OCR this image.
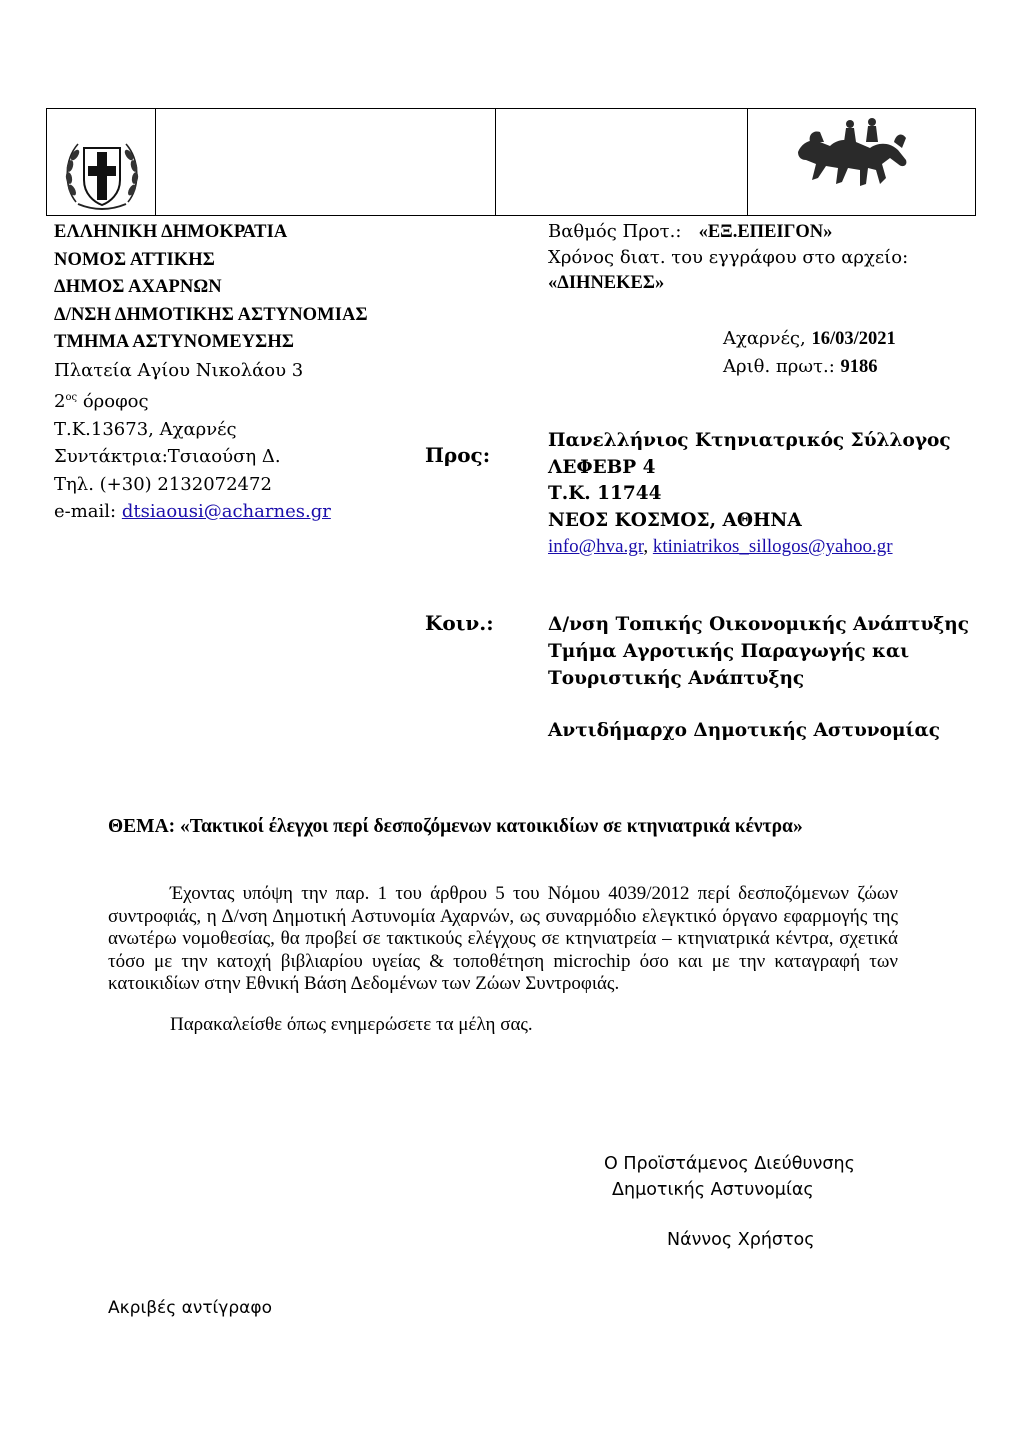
ΕΛΛΗΝΙΚΗ ΔΗΜΟΚΡΑΤΙΑ
ΝΟΜΟΣ ΑΤΤΙΚΗΣ
ΔΗΜΟΣ ΑΧΑΡΝΩΝ
Δ/ΝΣΗ ΔΗΜΟΤΙΚΗΣ ΑΣΤΥΝΟΜΙΑΣ
ΤΜΗΜΑ ΑΣΤΥΝΟΜΕΥΣΗΣ
Πλατεία Αγίου Νικολάου 3
$2^{o\varsigma}$ όροφος
Τ.Κ.13673, Αχαρνές
Συντάκτρια:Τσιαούση Δ.
Τηλ. (+30) 2132072472
e-mail: dtsiaousi@acharnes.gr
Βαθμός Προτ.: «ΕΞ.ΕΠΕΙΓΟΝ»
Χρόνος διατ. του εγγράφου στο αρχείο:
«ΔΙΗΝΕΚΕΣ»
Αχαρνές, 16/03/2021
Αριθ. πρωτ.: 9186
Προς:
Πανελλήνιος Κτηνιατρικός Σύλλογος
ΛΕΦΕΒΡ 4
Τ.Κ. 11744
ΝΕΟΣ ΚΟΣΜΟΣ, ΑΘΗΝΑ
info@hva.gr, ktiniatrikos_sillogos@yahoo.gr
Κοιν.:	Δ/νση Τοπικής Οικονομικής Ανάπτυξης
Τμήμα Αγροτικής Παραγωγής και
Τουριστικής Ανάπτυξης
Αντιδήμαρχο Δημοτικής Αστυνομίας
ΘΕΜΑ: «Τακτικοί έλεγχοι περί δεσποζόμενων κατοικιδίων σε κτηνιατρικά κέντρα»

Έχοντας υπόψη την παρ. 1 του άρθρου 5 του Νόμου 4039/2012 περί δεσποζόμενων ζώων συντροφιάς, η Δ/νση Δημοτική Αστυνομία Αχαρνών, ως συναρμόδιο ελεγκτικό όργανο εφαρμογής της ανωτέρω νομοθεσίας, θα προβεί σε τακτικούς ελέγχους σε κτηνιατρεία – κτηνιατρικά κέντρα, σχετικά τόσο με την κατοχή βιβλιαρίου υγείας & τοποθέτηση microchip όσο και με την καταγραφή των κατοικιδίων στην Εθνική Βάση Δεδομένων των Ζώων Συντροφιάς.

Παρακαλείσθε όπως ενημερώσετε τα μέλη σας.

Ο Προϊστάμενος Διεύθυνσης
Δημοτικής Αστυνομίας
Νάννος Χρήστος
Ακριβές αντίγραφο
